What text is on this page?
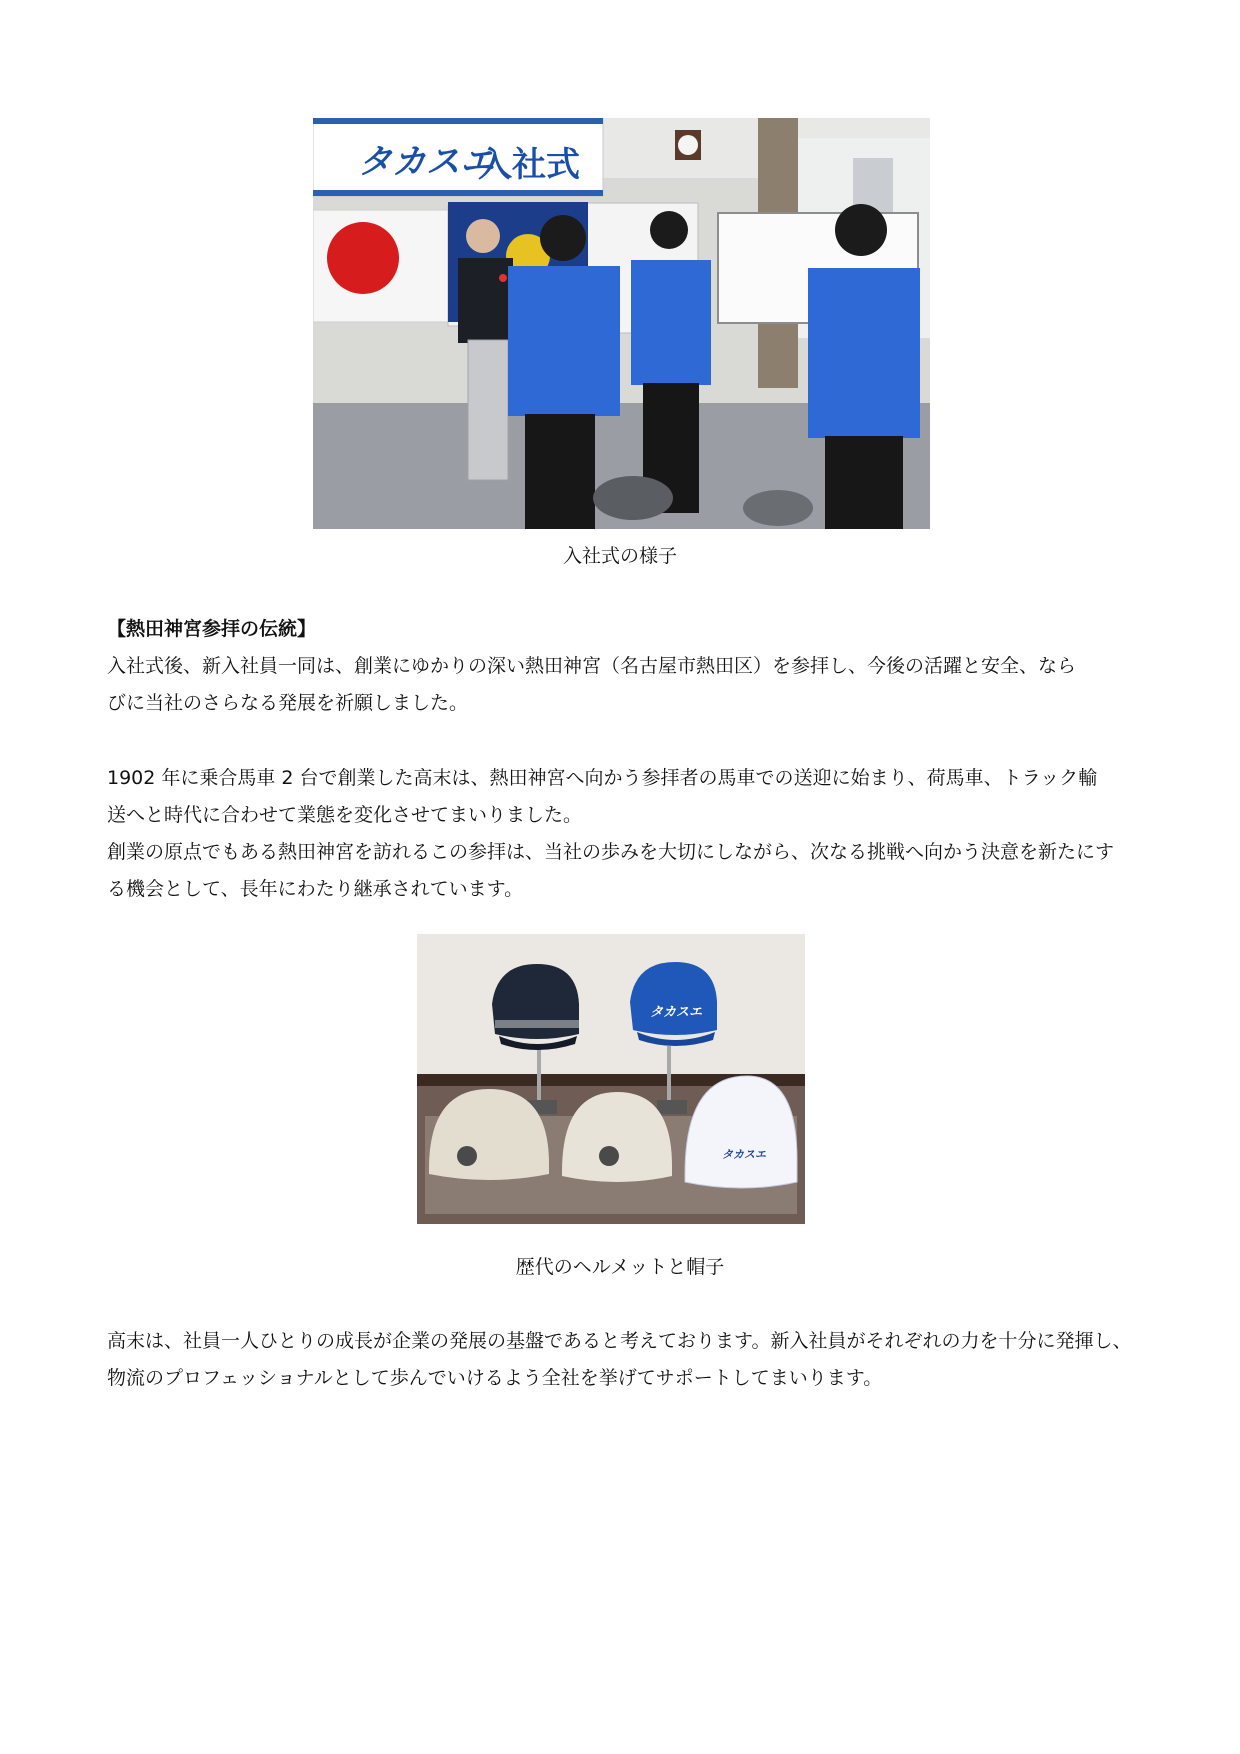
タカスエ
入社式
入社式の様子
【熱田神宮参拝の伝統】
入社式後、新入社員一同は、創業にゆかりの深い熱田神宮（名古屋市熱田区）を参拝し、今後の活躍と安全、なら
びに当社のさらなる発展を祈願しました。
1902 年に乗合馬車 2 台で創業した高末は、熱田神宮へ向かう参拝者の馬車での送迎に始まり、荷馬車、トラック輸
送へと時代に合わせて業態を変化させてまいりました。
創業の原点でもある熱田神宮を訪れるこの参拝は、当社の歩みを大切にしながら、次なる挑戦へ向かう決意を新たにす
る機会として、長年にわたり継承されています。
タカスエ
タカスエ
歴代のヘルメットと帽子
高末は、社員一人ひとりの成長が企業の発展の基盤であると考えております。新入社員がそれぞれの力を十分に発揮し、
物流のプロフェッショナルとして歩んでいけるよう全社を挙げてサポートしてまいります。
